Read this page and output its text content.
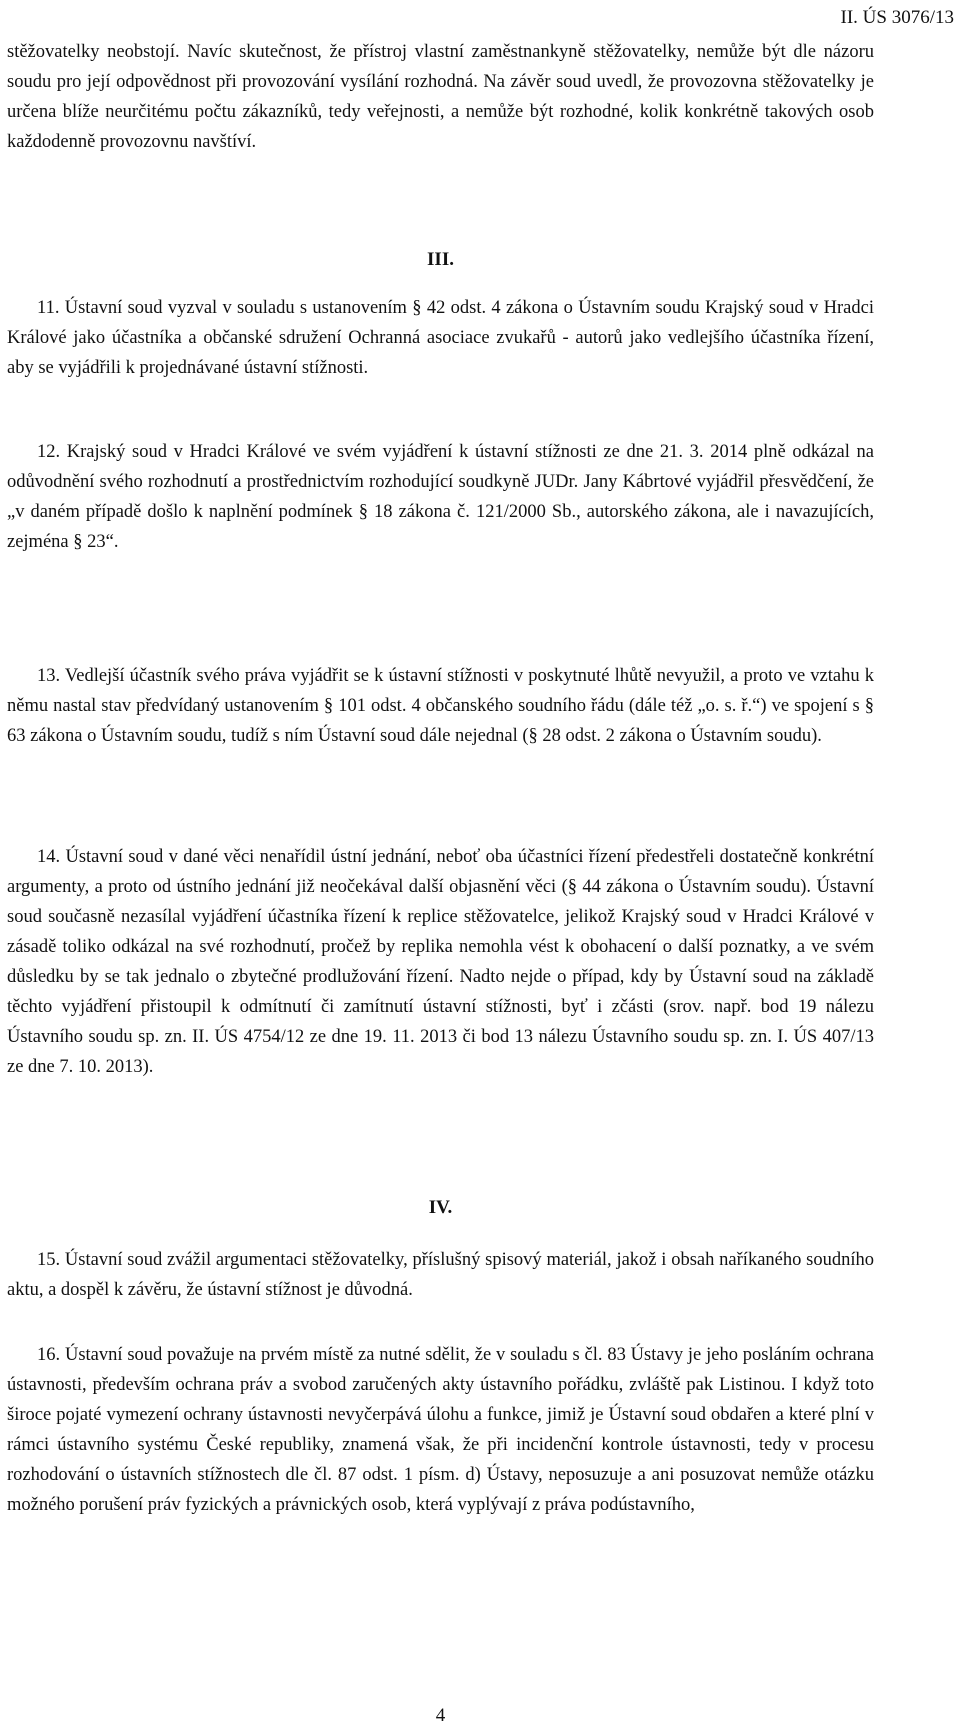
II. ÚS 3076/13

stěžovatelky neobstojí. Navíc skutečnost, že přístroj vlastní zaměstnankyně stěžovatelky, nemůže být dle názoru soudu pro její odpovědnost při provozování vysílání rozhodná. Na závěr soud uvedl, že provozovna stěžovatelky je určena blíže neurčitému počtu zákazníků, tedy veřejnosti, a nemůže být rozhodné, kolik konkrétně takových osob každodenně provozovnu navštíví.

III.

11. Ústavní soud vyzval v souladu s ustanovením § 42 odst. 4 zákona o Ústavním soudu Krajský soud v Hradci Králové jako účastníka a občanské sdružení Ochranná asociace zvukařů - autorů jako vedlejšího účastníka řízení, aby se vyjádřili k projednávané ústavní stížnosti.

12. Krajský soud v Hradci Králové ve svém vyjádření k ústavní stížnosti ze dne 21. 3. 2014 plně odkázal na odůvodnění svého rozhodnutí a prostřednictvím rozhodující soudkyně JUDr. Jany Kábrtové vyjádřil přesvědčení, že „v daném případě došlo k naplnění podmínek § 18 zákona č. 121/2000 Sb., autorského zákona, ale i navazujících, zejména § 23“.

13. Vedlejší účastník svého práva vyjádřit se k ústavní stížnosti v poskytnuté lhůtě nevyužil, a proto ve vztahu k němu nastal stav předvídaný ustanovením § 101 odst. 4 občanského soudního řádu (dále též „o. s. ř.“) ve spojení s § 63 zákona o Ústavním soudu, tudíž s ním Ústavní soud dále nejednal (§ 28 odst. 2 zákona o Ústavním soudu).

14. Ústavní soud v dané věci nenařídil ústní jednání, neboť oba účastníci řízení předestřeli dostatečně konkrétní argumenty, a proto od ústního jednání již neočekával další objasnění věci (§ 44 zákona o Ústavním soudu). Ústavní soud současně nezasílal vyjádření účastníka řízení k replice stěžovatelce, jelikož Krajský soud v Hradci Králové v zásadě toliko odkázal na své rozhodnutí, pročež by replika nemohla vést k obohacení o další poznatky, a ve svém důsledku by se tak jednalo o zbytečné prodlužování řízení. Nadto nejde o případ, kdy by Ústavní soud na základě těchto vyjádření přistoupil k odmítnutí či zamítnutí ústavní stížnosti, byť i zčásti (srov. např. bod 19 nálezu Ústavního soudu sp. zn. II. ÚS 4754/12 ze dne 19. 11. 2013 či bod 13 nálezu Ústavního soudu sp. zn. I. ÚS 407/13 ze dne 7. 10. 2013).

IV.

15. Ústavní soud zvážil argumentaci stěžovatelky, příslušný spisový materiál, jakož i obsah naříkaného soudního aktu, a dospěl k závěru, že ústavní stížnost je důvodná.

16. Ústavní soud považuje na prvém místě za nutné sdělit, že v souladu s čl. 83 Ústavy je jeho posláním ochrana ústavnosti, především ochrana práv a svobod zaručených akty ústavního pořádku, zvláště pak Listinou. I když toto široce pojaté vymezení ochrany ústavnosti nevyčerpává úlohu a funkce, jimiž je Ústavní soud obdařen a které plní v rámci ústavního systému České republiky, znamená však, že při incidenční kontrole ústavnosti, tedy v procesu rozhodování o ústavních stížnostech dle čl. 87 odst. 1 písm. d) Ústavy, neposuzuje a ani posuzovat nemůže otázku možného porušení práv fyzických a právnických osob, která vyplývají z práva podústavního,

4
